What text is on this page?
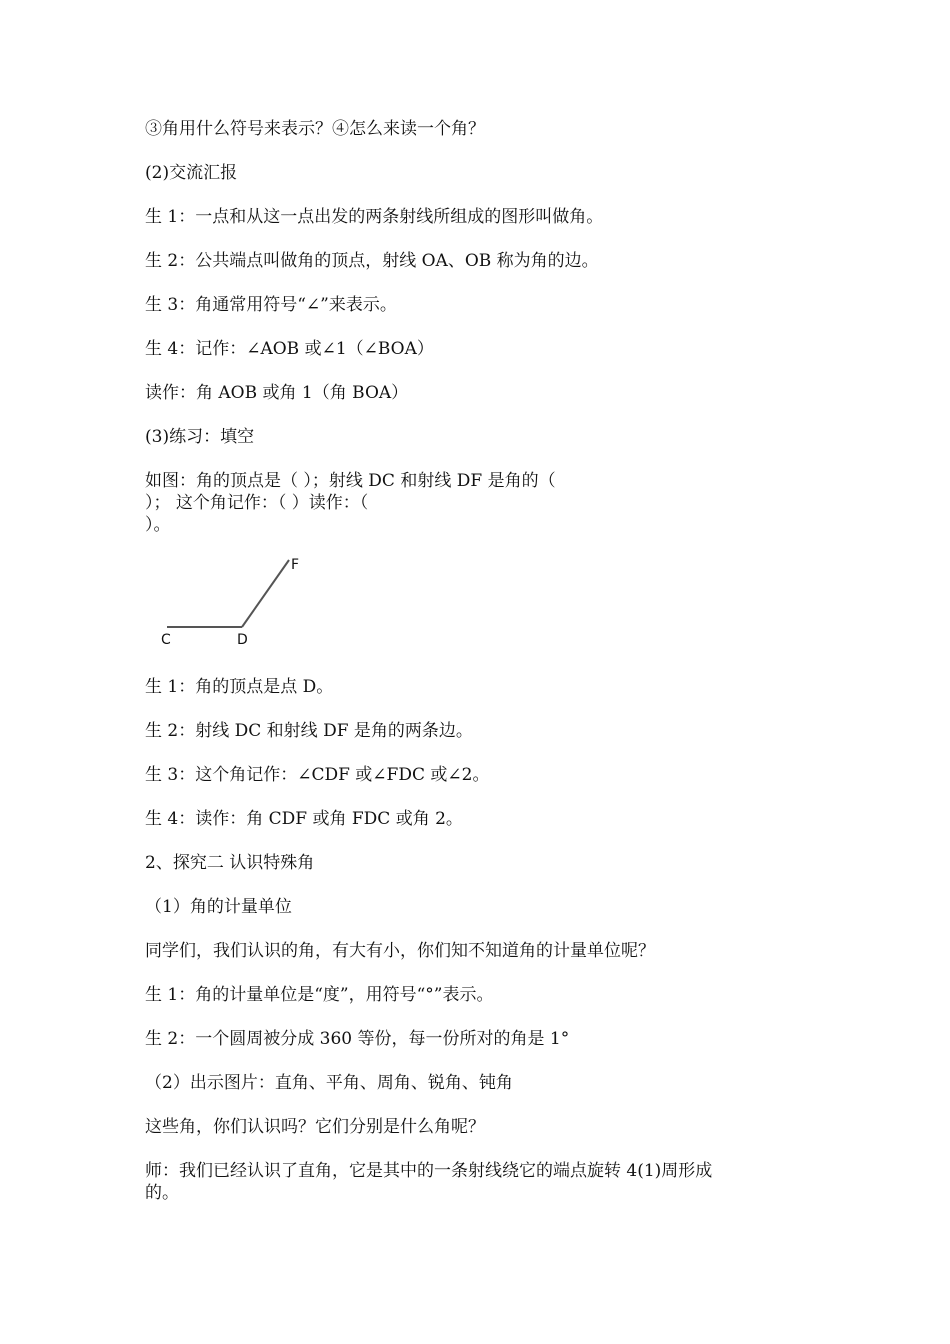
③角用什么符号来表示？④怎么来读一个角？
(2)交流汇报
生 1：一点和从这一点出发的两条射线所组成的图形叫做角。
生 2：公共端点叫做角的顶点，射线 OA、OB 称为角的边。
生 3：角通常用符号“∠”来表示。
生 4：记作：∠AOB 或∠1（∠BOA）
读作：角 AOB 或角 1（角 BOA）
(3)练习：填空
如图：角的顶点是（ ）；射线 DC 和射线 DF 是角的（
）； 这个角记作：（ ）读作：（
）。
C	D
F
生 1：角的顶点是点 D。
生 2：射线 DC 和射线 DF 是角的两条边。
生 3：这个角记作：∠CDF 或∠FDC 或∠2。
生 4：读作：角 CDF 或角 FDC 或角 2。
2、探究二 认识特殊角
（1）角的计量单位
同学们，我们认识的角，有大有小，你们知不知道角的计量单位呢？
生 1：角的计量单位是“度”，用符号“°”表示。
生 2：一个圆周被分成 360 等份，每一份所对的角是 1°
（2）出示图片：直角、平角、周角、锐角、钝角
这些角，你们认识吗？它们分别是什么角呢？
师：我们已经认识了直角，它是其中的一条射线绕它的端点旋转 4(1)周形成
的。
